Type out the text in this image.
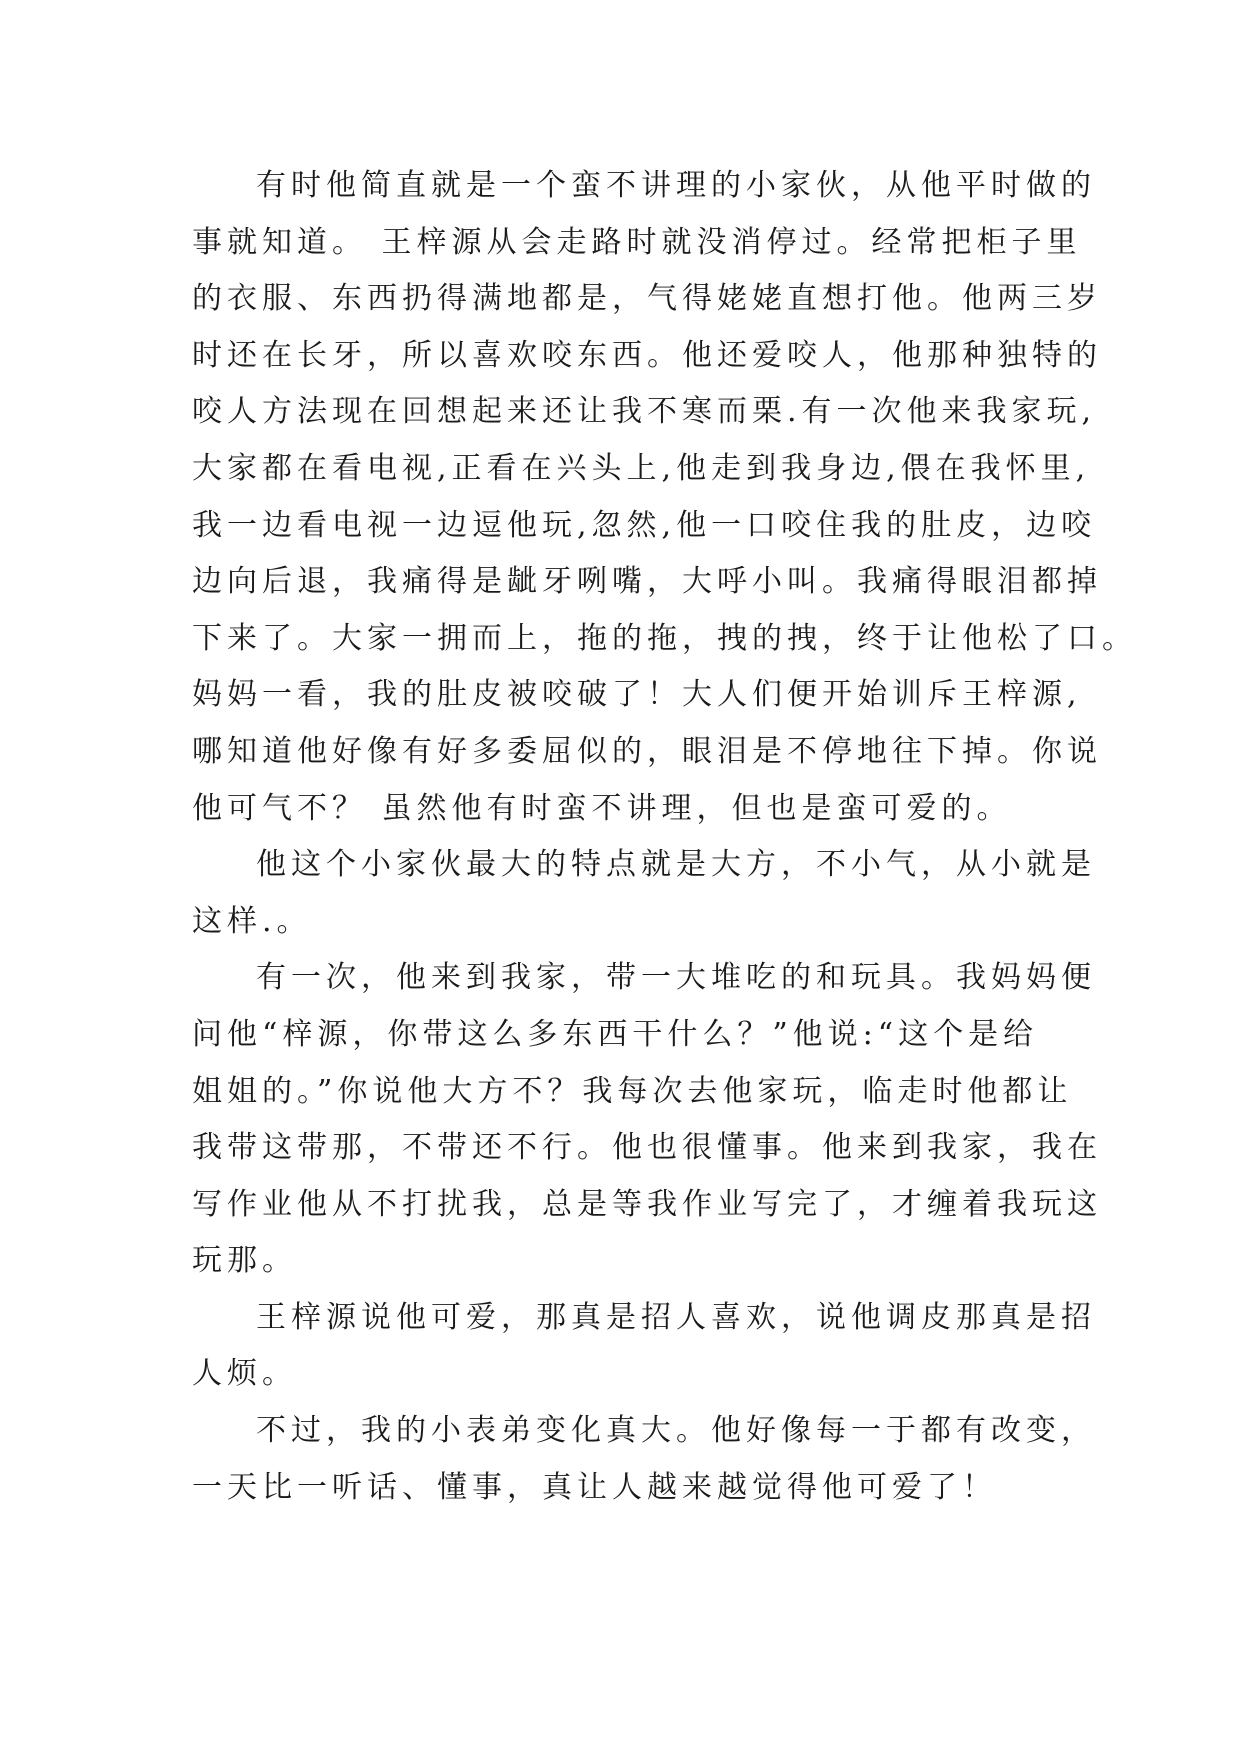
有时他简直就是一个蛮不讲理的小家伙，从他平时做的
事就知道。 王梓源从会走路时就没消停过。经常把柜子里
的衣服、东西扔得满地都是，气得姥姥直想打他。他两三岁
时还在长牙，所以喜欢咬东西。他还爱咬人，他那种独特的
咬人方法现在回想起来还让我不寒而栗.有一次他来我家玩,
大家都在看电视,正看在兴头上,他走到我身边,偎在我怀里,
我一边看电视一边逗他玩,忽然,他一口咬住我的肚皮，边咬
边向后退，我痛得是龇牙咧嘴，大呼小叫。我痛得眼泪都掉
下来了。大家一拥而上，拖的拖，拽的拽，终于让他松了口。
妈妈一看，我的肚皮被咬破了！大人们便开始训斥王梓源,
哪知道他好像有好多委屈似的，眼泪是不停地往下掉。你说
他可气不？ 虽然他有时蛮不讲理，但也是蛮可爱的。
他这个小家伙最大的特点就是大方，不小气，从小就是
这样.。
有一次，他来到我家，带一大堆吃的和玩具。我妈妈便
问他“梓源，你带这么多东西干什么？”他说:“这个是给
姐姐的。”你说他大方不？我每次去他家玩，临走时他都让
我带这带那，不带还不行。他也很懂事。他来到我家，我在
写作业他从不打扰我，总是等我作业写完了，才缠着我玩这
玩那。
王梓源说他可爱，那真是招人喜欢，说他调皮那真是招
人烦。
不过，我的小表弟变化真大。他好像每一于都有改变，
一天比一听话、懂事，真让人越来越觉得他可爱了！
